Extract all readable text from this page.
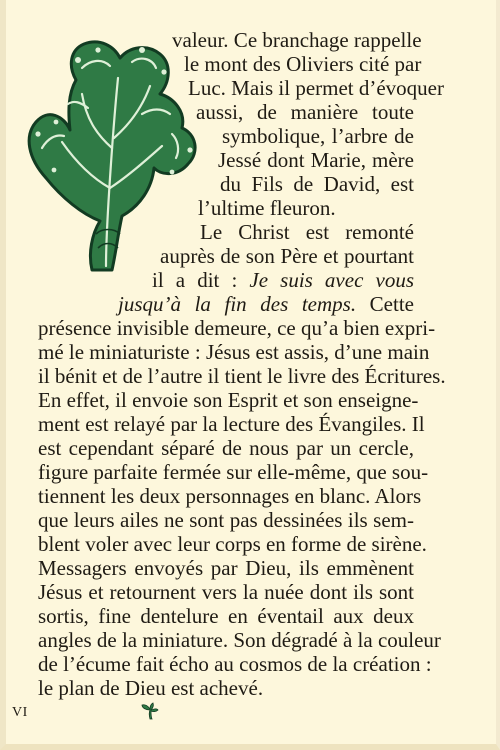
valeur. Ce branchage rappelle

le mont des Oliviers cité par

Luc. Mais il permet d’évoquer

aussi, de manière toute

symbolique, l’arbre de

Jessé dont Marie, mère

du Fils de David, est

l’ultime fleuron.

Le Christ est remonté

auprès de son Père et pourtant

il a dit : Je suis avec vous

jusqu’à la fin des temps. Cette

présence invisible demeure, ce qu’a bien expri-

mé le miniaturiste : Jésus est assis, d’une main

il bénit et de l’autre il tient le livre des Écritures.

En effet, il envoie son Esprit et son enseigne-

ment est relayé par la lecture des Évangiles. Il

est cependant séparé de nous par un cercle,

figure parfaite fermée sur elle-même, que sou-

tiennent les deux personnages en blanc. Alors

que leurs ailes ne sont pas dessinées ils sem-

blent voler avec leur corps en forme de sirène.

Messagers envoyés par Dieu, ils emmènent

Jésus et retournent vers la nuée dont ils sont

sortis, fine dentelure en éventail aux deux

angles de la miniature. Son dégradé à la couleur

de l’écume fait écho au cosmos de la création :

le plan de Dieu est achevé.

VI
